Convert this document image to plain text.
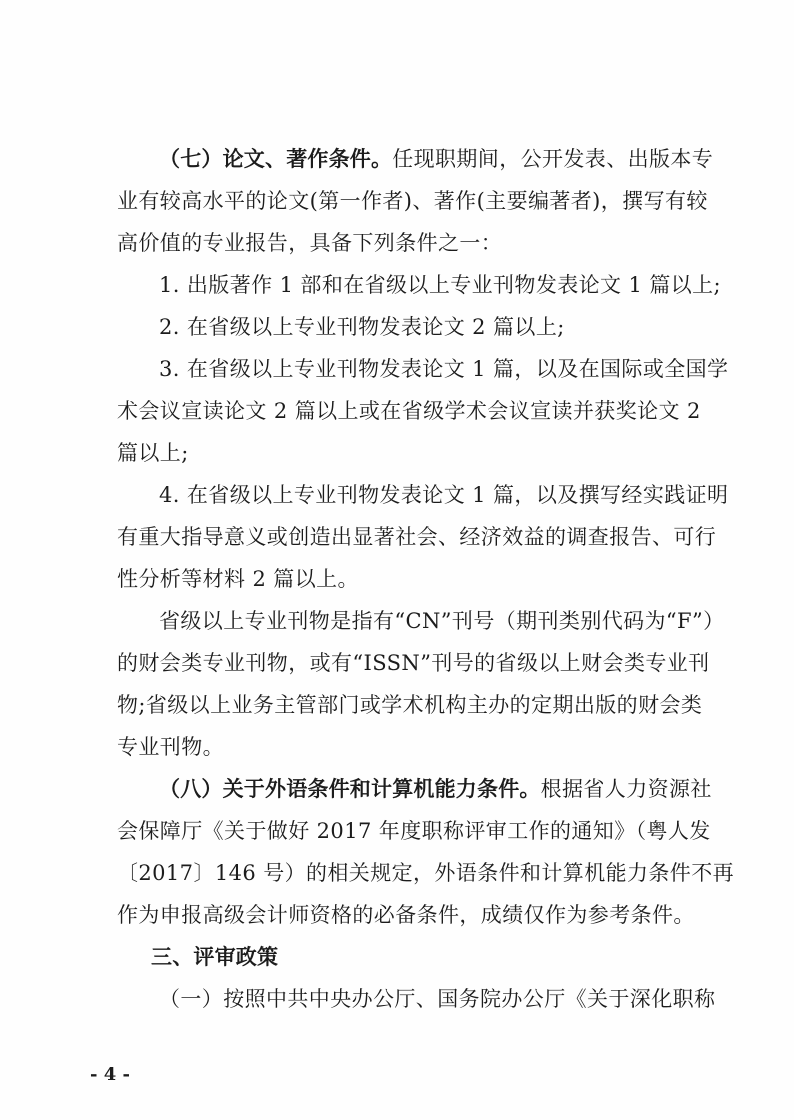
（七）论文、著作条件。任现职期间，公开发表、出版本专
业有较高水平的论文(第一作者)、著作(主要编著者)，撰写有较
高价值的专业报告，具备下列条件之一：
1. 出版著作 1 部和在省级以上专业刊物发表论文 1 篇以上;
2. 在省级以上专业刊物发表论文 2 篇以上;
3. 在省级以上专业刊物发表论文 1 篇，以及在国际或全国学
术会议宣读论文 2 篇以上或在省级学术会议宣读并获奖论文 2
篇以上;
4. 在省级以上专业刊物发表论文 1 篇，以及撰写经实践证明
有重大指导意义或创造出显著社会、经济效益的调查报告、可行
性分析等材料 2 篇以上。
省级以上专业刊物是指有“CN”刊号（期刊类别代码为“F”）
的财会类专业刊物，或有“ISSN”刊号的省级以上财会类专业刊
物;省级以上业务主管部门或学术机构主办的定期出版的财会类
专业刊物。
（八）关于外语条件和计算机能力条件。根据省人力资源社
会保障厅《关于做好 2017 年度职称评审工作的通知》（粤人发
〔2017〕146 号）的相关规定，外语条件和计算机能力条件不再
作为申报高级会计师资格的必备条件，成绩仅作为参考条件。
三、评审政策
（一）按照中共中央办公厅、国务院办公厅《关于深化职称
- 4 -
